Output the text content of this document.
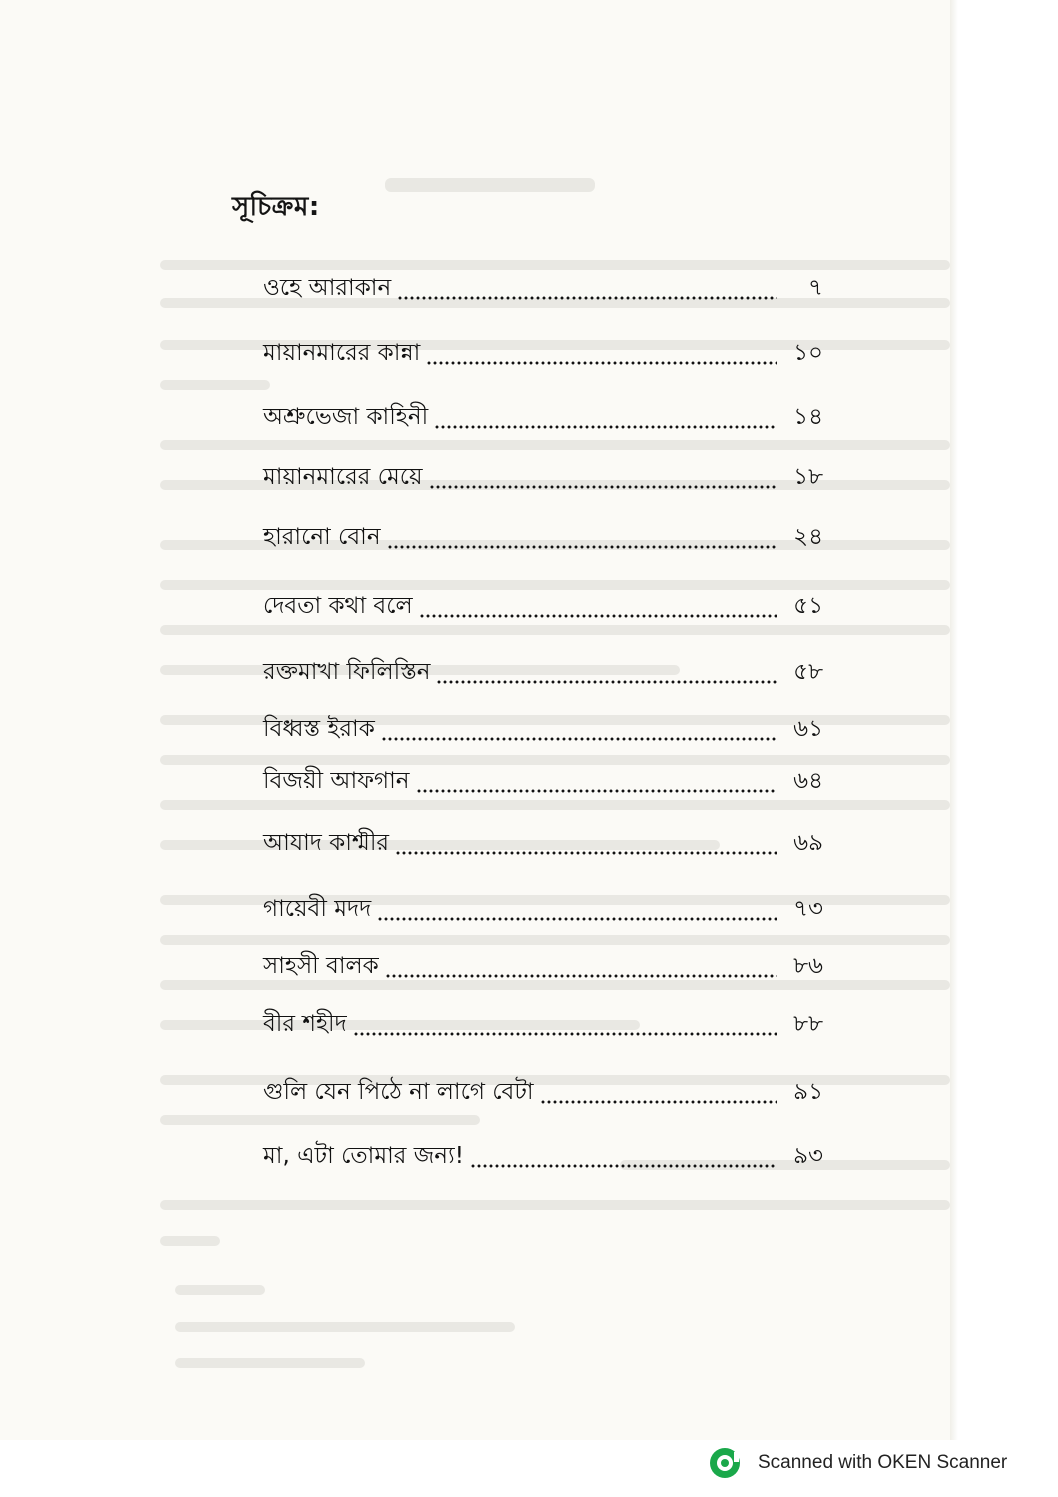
সূচিক্রম:
ওহে আরাকান	৭
মায়ানমারের কান্না	১০
অশ্রুভেজা কাহিনী	১৪
মায়ানমারের মেয়ে	১৮
হারানো বোন	২৪
দেবতা কথা বলে	৫১
রক্তমাখা ফিলিস্তিন	৫৮
বিধ্বস্ত ইরাক	৬১
বিজয়ী আফগান	৬৪
আযাদ কাশ্মীর	৬৯
গায়েবী মদদ	৭৩
সাহসী বালক	৮৬
বীর শহীদ	৮৮
গুলি যেন পিঠে না লাগে বেটা	৯১
মা, এটা তোমার জন্য!	৯৩
Scanned with OKEN Scanner
